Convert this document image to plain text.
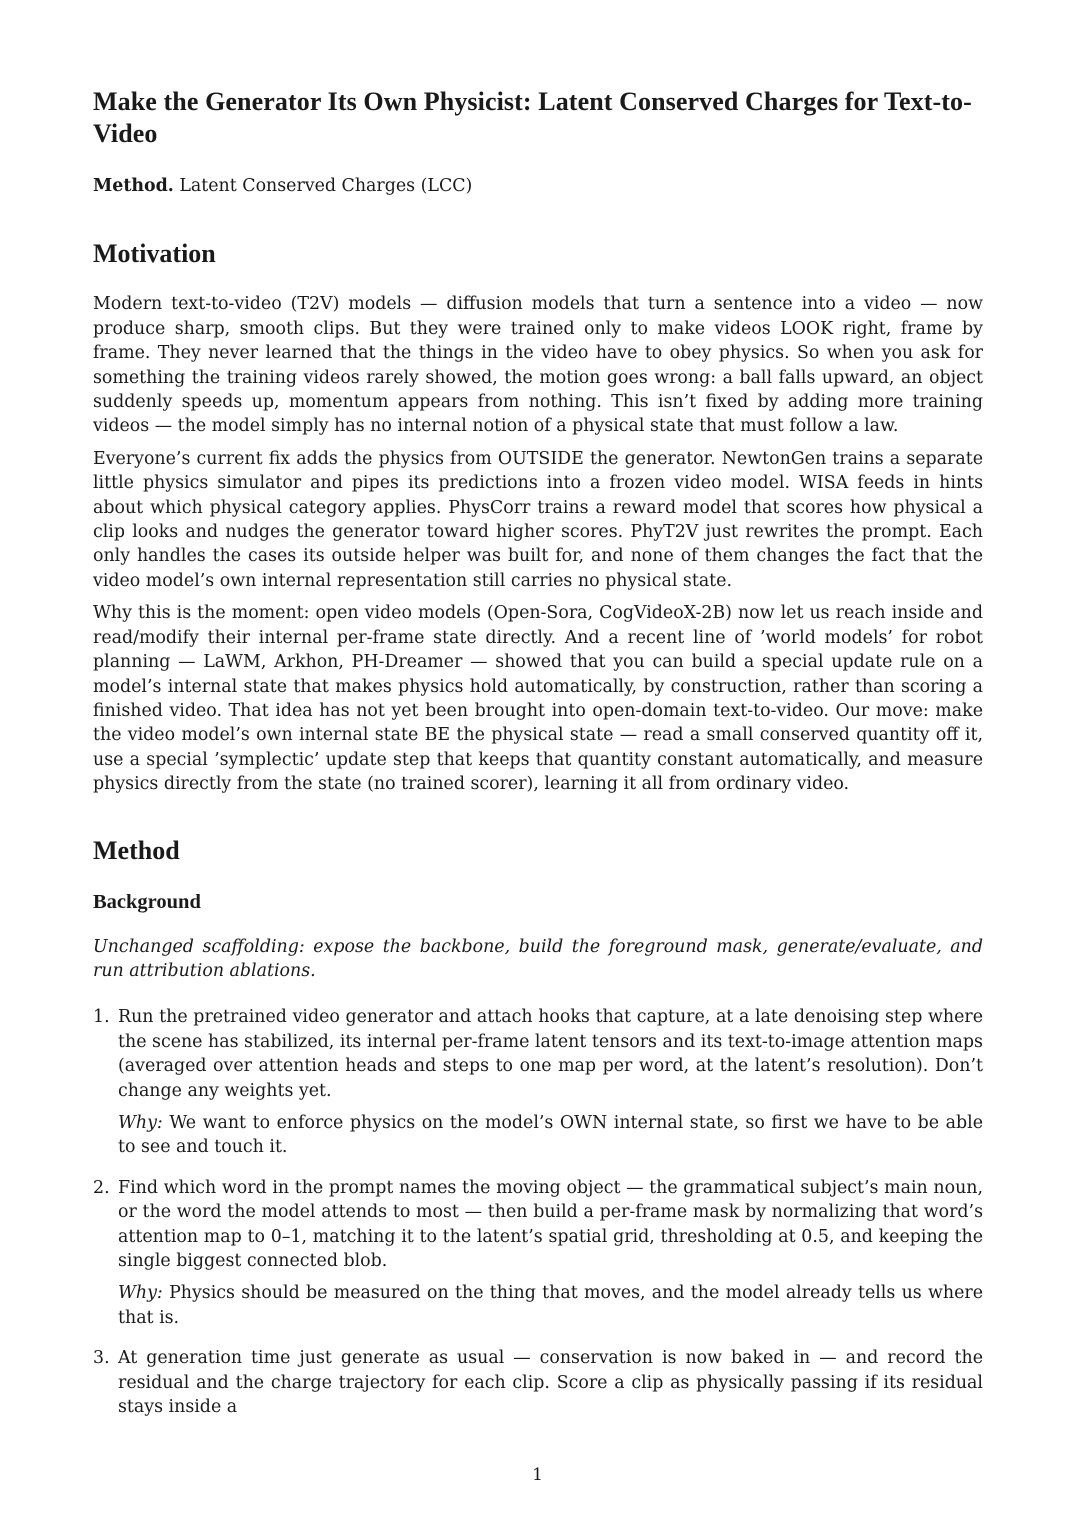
Make the Generator Its Own Physicist: Latent Conserved Charges for Text-to-Video
Method. Latent Conserved Charges (LCC)
Motivation

Modern text-to-video (T2V) models — diffusion models that turn a sentence into a video — now produce sharp, smooth clips. But they were trained only to make videos LOOK right, frame by frame. They never learned that the things in the video have to obey physics. So when you ask for something the training videos rarely showed, the motion goes wrong: a ball falls upward, an object suddenly speeds up, momentum appears from nothing. This isn’t fixed by adding more training videos — the model simply has no internal notion of a physical state that must follow a law.

Everyone’s current fix adds the physics from OUTSIDE the generator. NewtonGen trains a separate little physics simulator and pipes its predictions into a frozen video model. WISA feeds in hints about which physical category applies. PhysCorr trains a reward model that scores how physical a clip looks and nudges the generator toward higher scores. PhyT2V just rewrites the prompt. Each only handles the cases its outside helper was built for, and none of them changes the fact that the video model’s own internal representation still carries no physical state.

Why this is the moment: open video models (Open-Sora, CogVideoX-2B) now let us reach inside and read/modify their internal per-frame state directly. And a recent line of ’world models’ for robot planning — LaWM, Arkhon, PH-Dreamer — showed that you can build a special update rule on a model’s internal state that makes physics hold automatically, by construction, rather than scoring a finished video. That idea has not yet been brought into open-domain text-to-video. Our move: make the video model’s own internal state BE the physical state — read a small conserved quantity off it, use a special ’symplectic’ update step that keeps that quantity constant automatically, and measure physics directly from the state (no trained scorer), learning it all from ordinary video.

Method
Background

Unchanged scaffolding: expose the backbone, build the foreground mask, generate/evaluate, and run attribution ablations.

1. Run the pretrained video generator and attach hooks that capture, at a late denoising step where the scene has stabilized, its internal per-frame latent tensors and its text-to-image attention maps (averaged over attention heads and steps to one map per word, at the latent’s resolution). Don’t change any weights yet.

Why: We want to enforce physics on the model’s OWN internal state, so first we have to be able to see and touch it.

2. Find which word in the prompt names the moving object — the grammatical subject’s main noun, or the word the model attends to most — then build a per-frame mask by normalizing that word’s attention map to 0–1, matching it to the latent’s spatial grid, thresholding at 0.5, and keeping the single biggest connected blob.

Why: Physics should be measured on the thing that moves, and the model already tells us where that is.

3. At generation time just generate as usual — conservation is now baked in — and record the residual and the charge trajectory for each clip. Score a clip as physically passing if its residual stays inside a

1
